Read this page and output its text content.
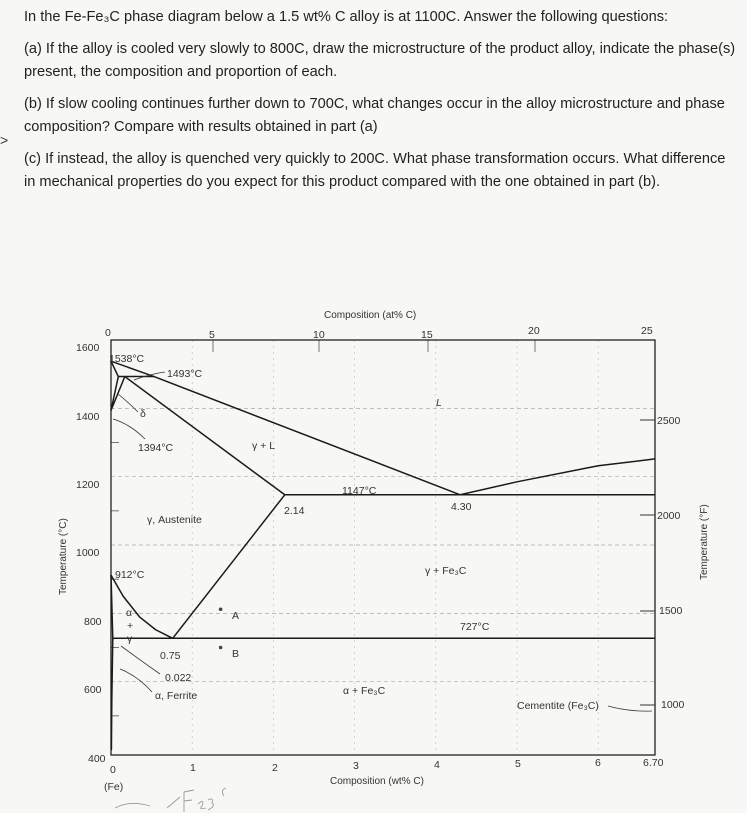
>

In the Fe-Fe₃C phase diagram below a 1.5 wt% C alloy is at 1100C. Answer the following questions:

(a) If the alloy is cooled very slowly to 800C, draw the microstructure of the product alloy, indicate the phase(s) present, the composition and proportion of each.

(b) If slow cooling continues further down to 700C, what changes occur in the alloy microstructure and phase composition? Compare with results obtained in part (a)

(c) If instead, the alloy is quenched very quickly to 200C. What phase transformation occurs. What difference in mechanical properties do you expect for this product compared with the one obtained in part (b).

Composition (at% C)
0	5	10	15	20	25
1600
1400
1200
1000
800
600
400
Temperature (°C)
2500
2000
1500
1000
Temperature (°F)
0	1	2	3	4	5	6	6.70
(Fe)	Composition (wt% C)
1538°C
1493°C
δ
1394°C	γ + L
L
1147°C
2.14	4.30
γ, Austenite
912°C	γ + Fe₃C
α
+
γ
727°C
0.75
0.022
α, Ferrite	α + Fe₃C
Cementite (Fe₃C)
A
B
